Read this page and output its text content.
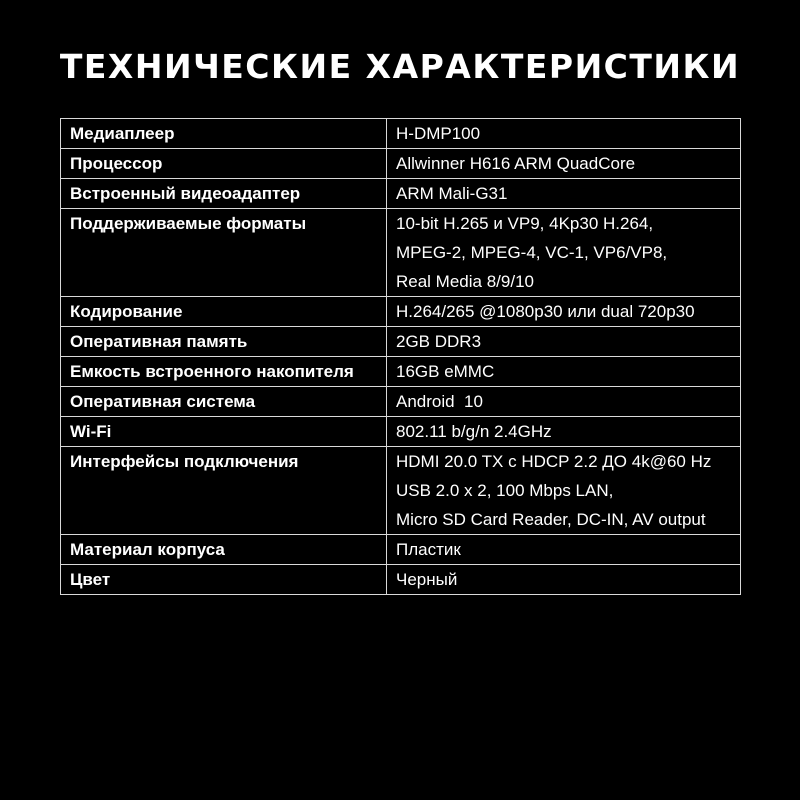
ТЕХНИЧЕСКИЕ ХАРАКТЕРИСТИКИ
Медиаплеер	H-DMP100

Процессор	Allwinner H616 ARM QuadCore

Встроенный видеоадаптер	ARM Mali-G31

Поддерживаемые форматы	10-bit H.265 и VP9, 4Kp30 H.264,
MPEG-2, MPEG-4, VC-1, VP6/VP8,
Real Media 8/9/10

Кодирование	H.264/265 @1080p30 или dual 720p30

Оперативная память	2GB DDR3

Емкость встроенного накопителя	16GB eMMC

Оперативная система	Android  10

Wi-Fi	802.11 b/g/n 2.4GHz

Интерфейсы подключения	HDMI 20.0 TX с HDCP 2.2 ДО 4k@60 Hz
USB 2.0 x 2, 100 Mbps LAN,
Micro SD Card Reader, DC-IN, AV output

Материал корпуса	Пластик

Цвет	Черный
